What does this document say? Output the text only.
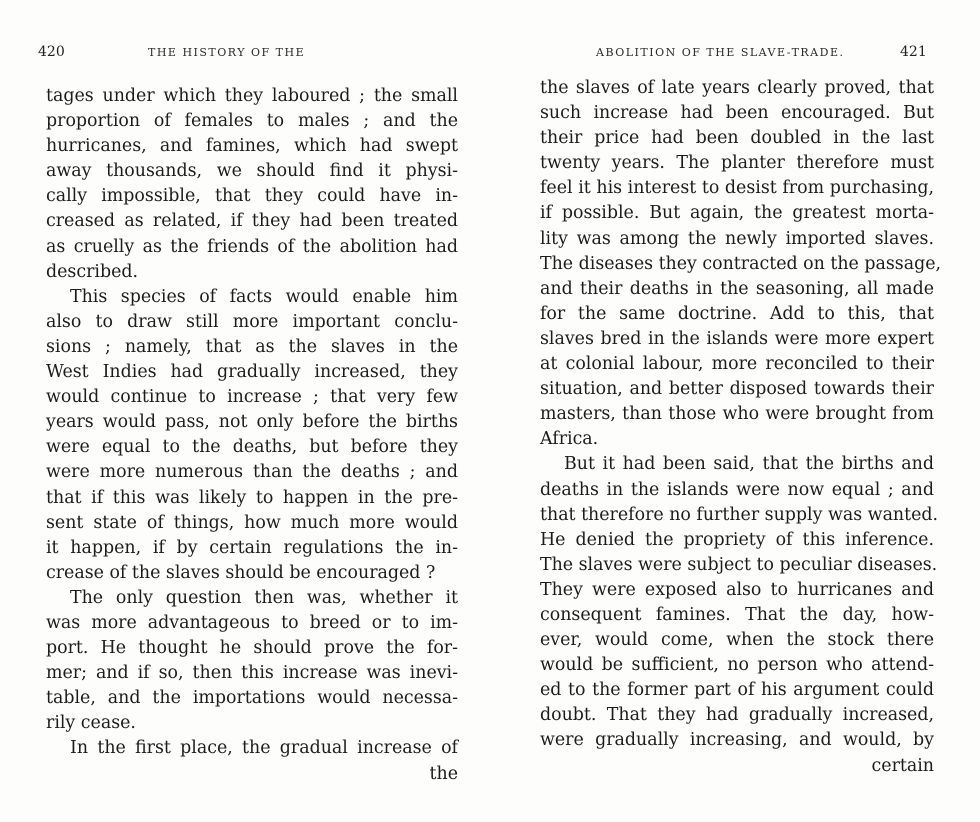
420	THE HISTORY OF THE
tages under which they laboured ; the small
proportion of females to males ; and the
hurricanes, and famines, which had swept
away thousands, we should find it physi-
cally impossible, that they could have in-
creased as related, if they had been treated
as cruelly as the friends of the abolition had
described.
This species of facts would enable him
also to draw still more important conclu-
sions ; namely, that as the slaves in the
West Indies had gradually increased, they
would continue to increase ; that very few
years would pass, not only before the births
were equal to the deaths, but before they
were more numerous than the deaths ; and
that if this was likely to happen in the pre-
sent state of things, how much more would
it happen, if by certain regulations the in-
crease of the slaves should be encouraged ?
The only question then was, whether it
was more advantageous to breed or to im-
port. He thought he should prove the for-
mer; and if so, then this increase was inevi-
table, and the importations would necessa-
rily cease.
In the first place, the gradual increase of
the
ABOLITION OF THE SLAVE-TRADE.	421
the slaves of late years clearly proved, that
such increase had been encouraged. But
their price had been doubled in the last
twenty years. The planter therefore must
feel it his interest to desist from purchasing,
if possible. But again, the greatest morta-
lity was among the newly imported slaves.
The diseases they contracted on the passage,
and their deaths in the seasoning, all made
for the same doctrine. Add to this, that
slaves bred in the islands were more expert
at colonial labour, more reconciled to their
situation, and better disposed towards their
masters, than those who were brought from
Africa.
But it had been said, that the births and
deaths in the islands were now equal ; and
that therefore no further supply was wanted.
He denied the propriety of this inference.
The slaves were subject to peculiar diseases.
They were exposed also to hurricanes and
consequent famines. That the day, how-
ever, would come, when the stock there
would be sufficient, no person who attend-
ed to the former part of his argument could
doubt. That they had gradually increased,
were gradually increasing, and would, by
certain
